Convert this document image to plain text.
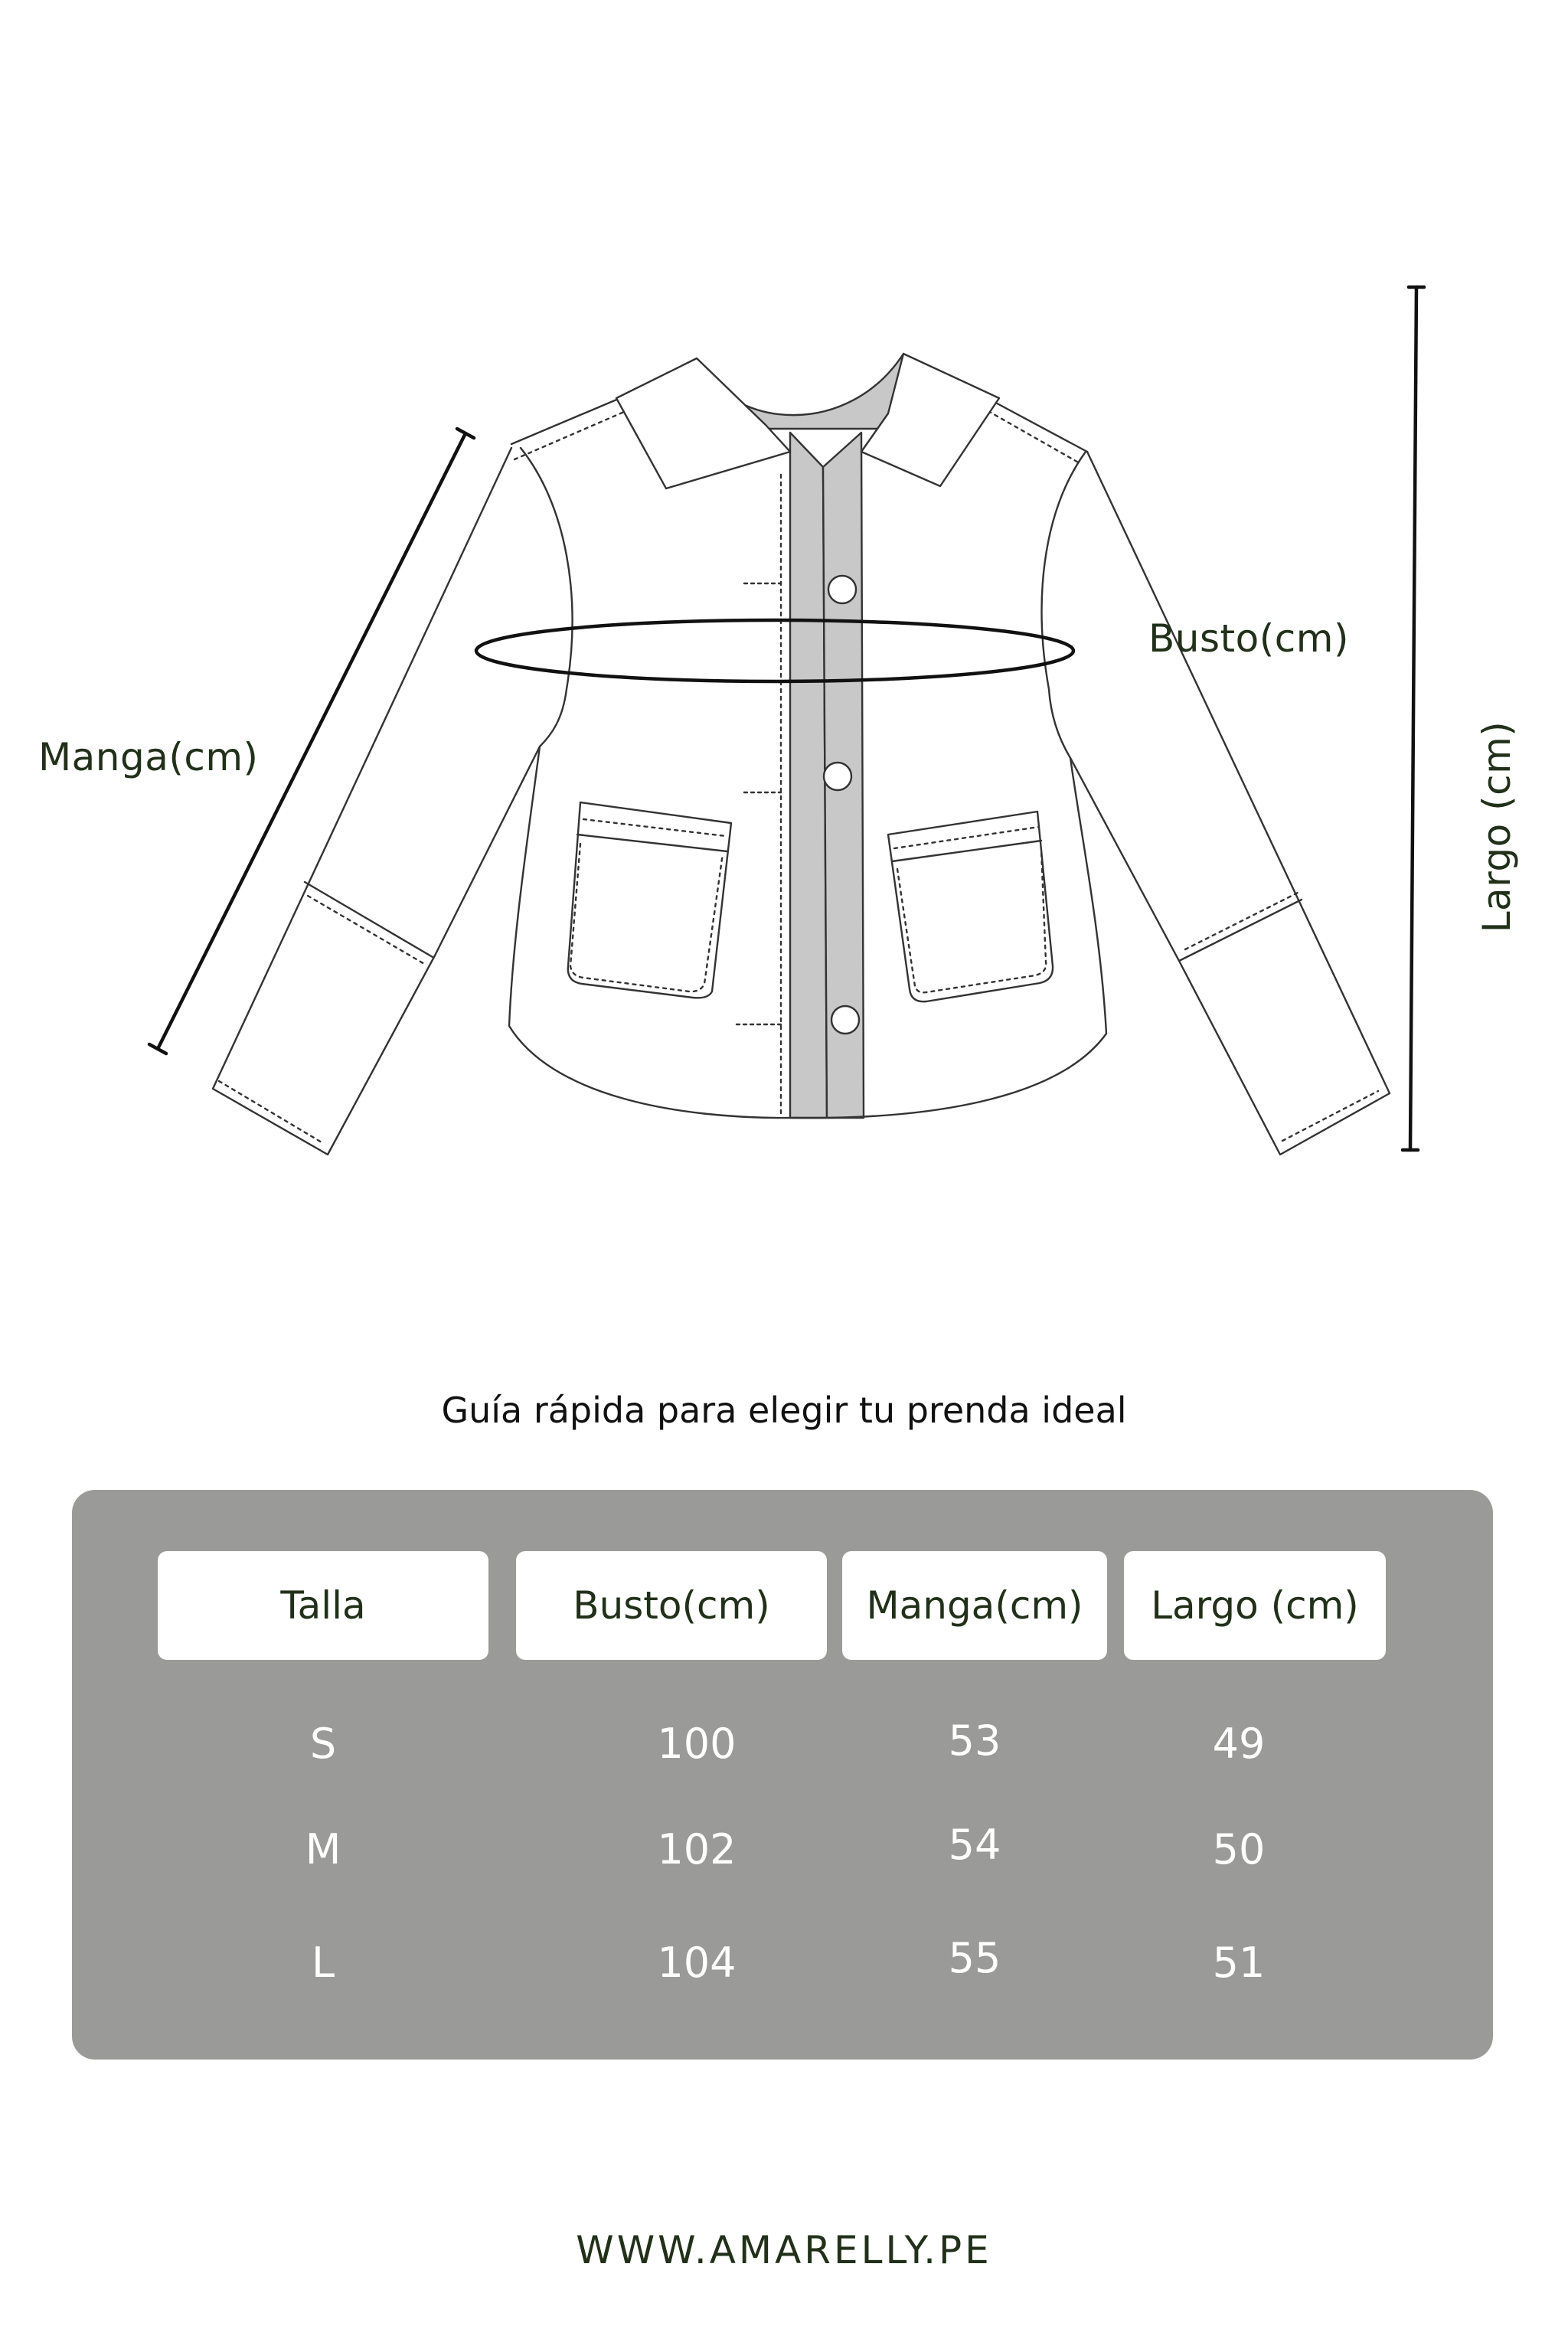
Manga(cm)
Busto(cm)
Largo (cm)
Guía rápida para elegir tu prenda ideal
Talla	Busto(cm)	Manga(cm)	Largo (cm)
S	100	53	49
M	102	54	50
L	104	55	51
WWW.AMARELLY.PE
